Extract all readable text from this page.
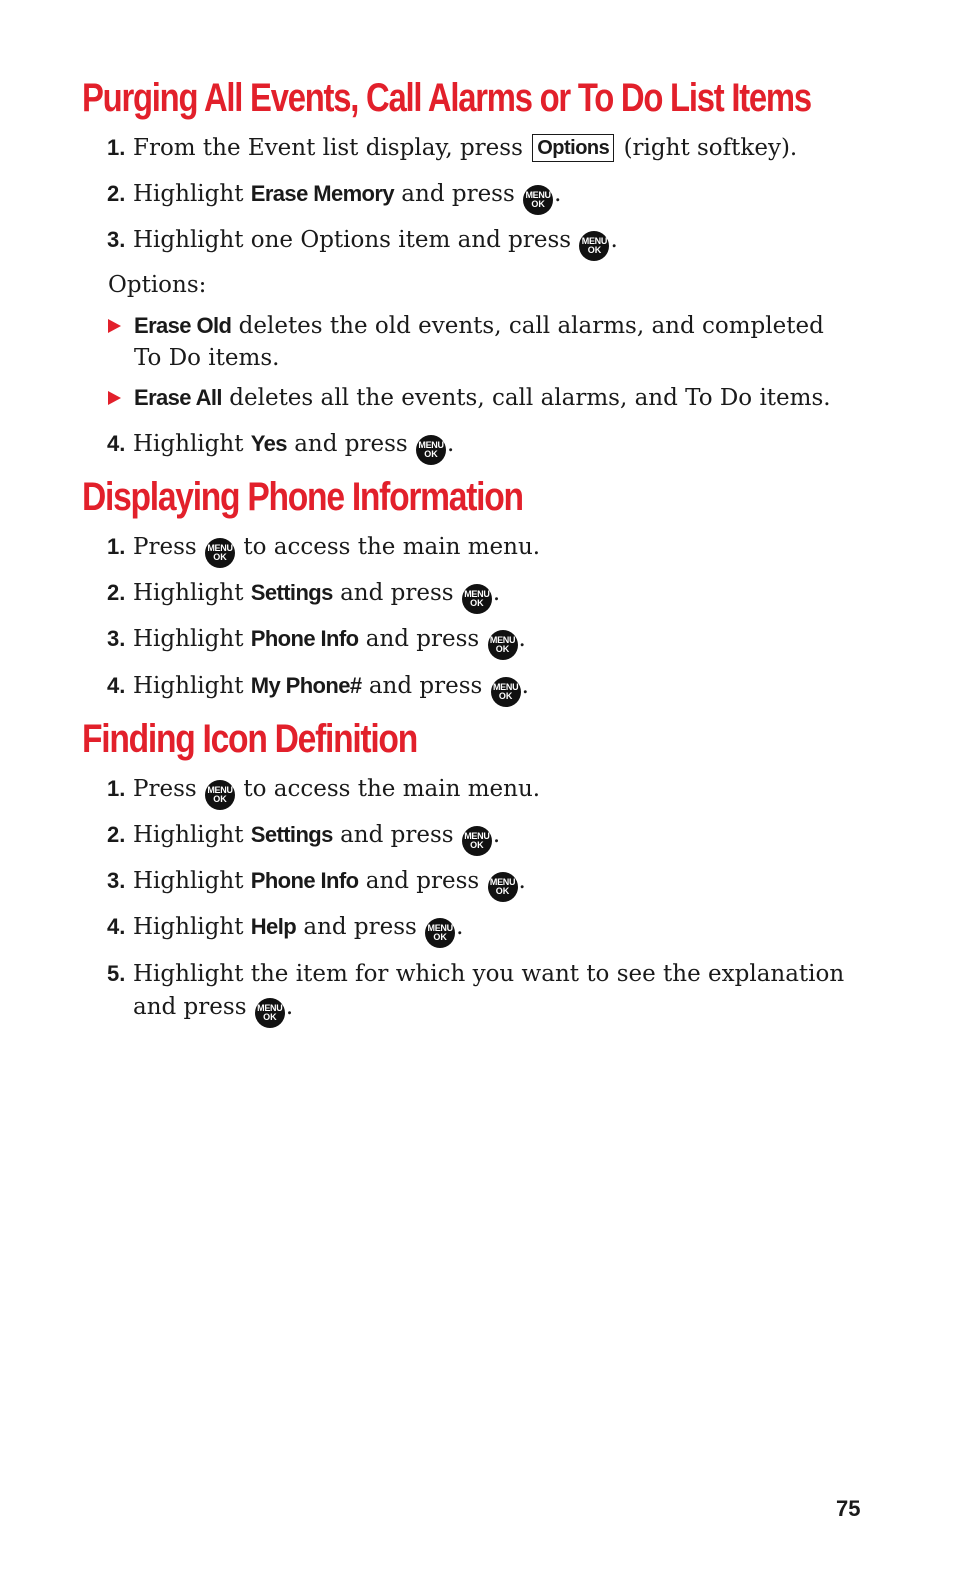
Purging All Events, Call Alarms or To Do List Items
1. From the Event list display, press Options (right softkey).
2. Highlight Erase Memory and press MENU
OK .
3. Highlight one Options item and press MENU
OK .
Options:
Erase Old deletes the old events, call alarms, and completed
To Do items.
Erase All deletes all the events, call alarms, and To Do items.
4. Highlight Yes and press MENU
OK .
Displaying Phone Information
1. Press MENU
OK to access the main menu.
2. Highlight Settings and press MENU
OK .
3. Highlight Phone Info and press MENU
OK .
4. Highlight My Phone# and press MENU
OK .
Finding Icon Definition
1. Press MENU
OK to access the main menu.
2. Highlight Settings and press MENU
OK .
3. Highlight Phone Info and press MENU
OK .
4. Highlight Help and press MENU
OK .
5. Highlight the item for which you want to see the explanation
and press MENU
OK .
75
